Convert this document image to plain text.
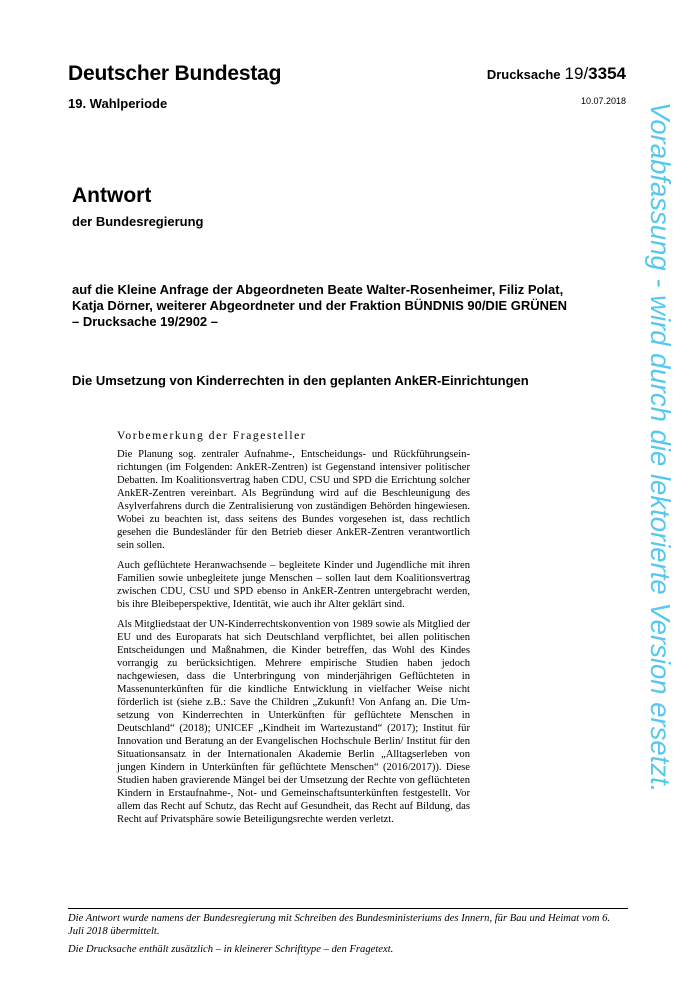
Deutscher Bundestag
19. Wahlperiode
Drucksache 19/3354
10.07.2018
Antwort
der Bundesregierung
auf die Kleine Anfrage der Abgeordneten Beate Walter-Rosenheimer, Filiz Polat,
Katja Dörner, weiterer Abgeordneter und der Fraktion BÜNDNIS 90/DIE GRÜNEN
– Drucksache 19/2902 –
Die Umsetzung von Kinderrechten in den geplanten AnkER-Einrichtungen
Vorbemerkung der Fragesteller

Die Planung sog. zentraler Aufnahme-, Entscheidungs- und Rückführungseinrichtungen (im Folgenden: AnkER-Zentren) ist Gegenstand intensiver politischer Debatten. Im Koalitionsvertrag haben CDU, CSU und SPD die Errichtung solcher AnkER-Zentren vereinbart. Als Begründung wird auf die Beschleunigung des Asylverfahrens durch die Zentralisierung von zuständigen Behörden hingewiesen. Wobei zu beachten ist, dass seitens des Bundes vorgesehen ist, dass rechtlich gesehen die Bundesländer für den Betrieb dieser AnkER-Zentren verantwortlich sein sollen.

Auch geflüchtete Heranwachsende – begleitete Kinder und Jugendliche mit ihren Familien sowie unbegleitete junge Menschen – sollen laut dem Koalitionsvertrag zwischen CDU, CSU und SPD ebenso in AnkER-Zentren untergebracht werden, bis ihre Bleibeperspektive, Identität, wie auch ihr Alter geklärt sind.

Als Mitgliedstaat der UN-Kinderrechtskonvention von 1989 sowie als Mitglied der EU und des Europarats hat sich Deutschland verpflichtet, bei allen politischen Entscheidungen und Maßnahmen, die Kinder betreffen, das Wohl des Kindes vorrangig zu berücksichtigen. Mehrere empirische Studien haben jedoch nachgewiesen, dass die Unterbringung von minderjährigen Geflüchteten in Massenunterkünften für die kindliche Entwicklung in vielfacher Weise nicht förderlich ist (siehe z.B.: Save the Children „Zukunft! Von Anfang an. Die Umsetzung von Kinderrechten in Unterkünften für geflüchtete Menschen in Deutschland“ (2018); UNICEF „Kindheit im Wartezustand“ (2017); Institut für Innovation und Beratung an der Evangelischen Hochschule Berlin/ Institut für den Situationsansatz in der Internationalen Akademie Berlin „Alltagserleben von jungen Kindern in Unterkünften für geflüchtete Menschen“ (2016/2017)). Diese Studien haben gravierende Mängel bei der Umsetzung der Rechte von geflüchteten Kindern in Erstaufnahme-, Not- und Gemeinschaftsunterkünften festgestellt. Vor allem das Recht auf Schutz, das Recht auf Gesundheit, das Recht auf Bildung, das Recht auf Privatsphäre sowie Beteiligungsrechte werden verletzt.

Die Antwort wurde namens der Bundesregierung mit Schreiben des Bundesministeriums des Innern, für Bau und Heimat vom 6. Juli 2018 übermittelt.

Die Drucksache enthält zusätzlich – in kleinerer Schrifttype – den Fragetext.

Vorabfassung - wird durch die lektorierte Version ersetzt.
